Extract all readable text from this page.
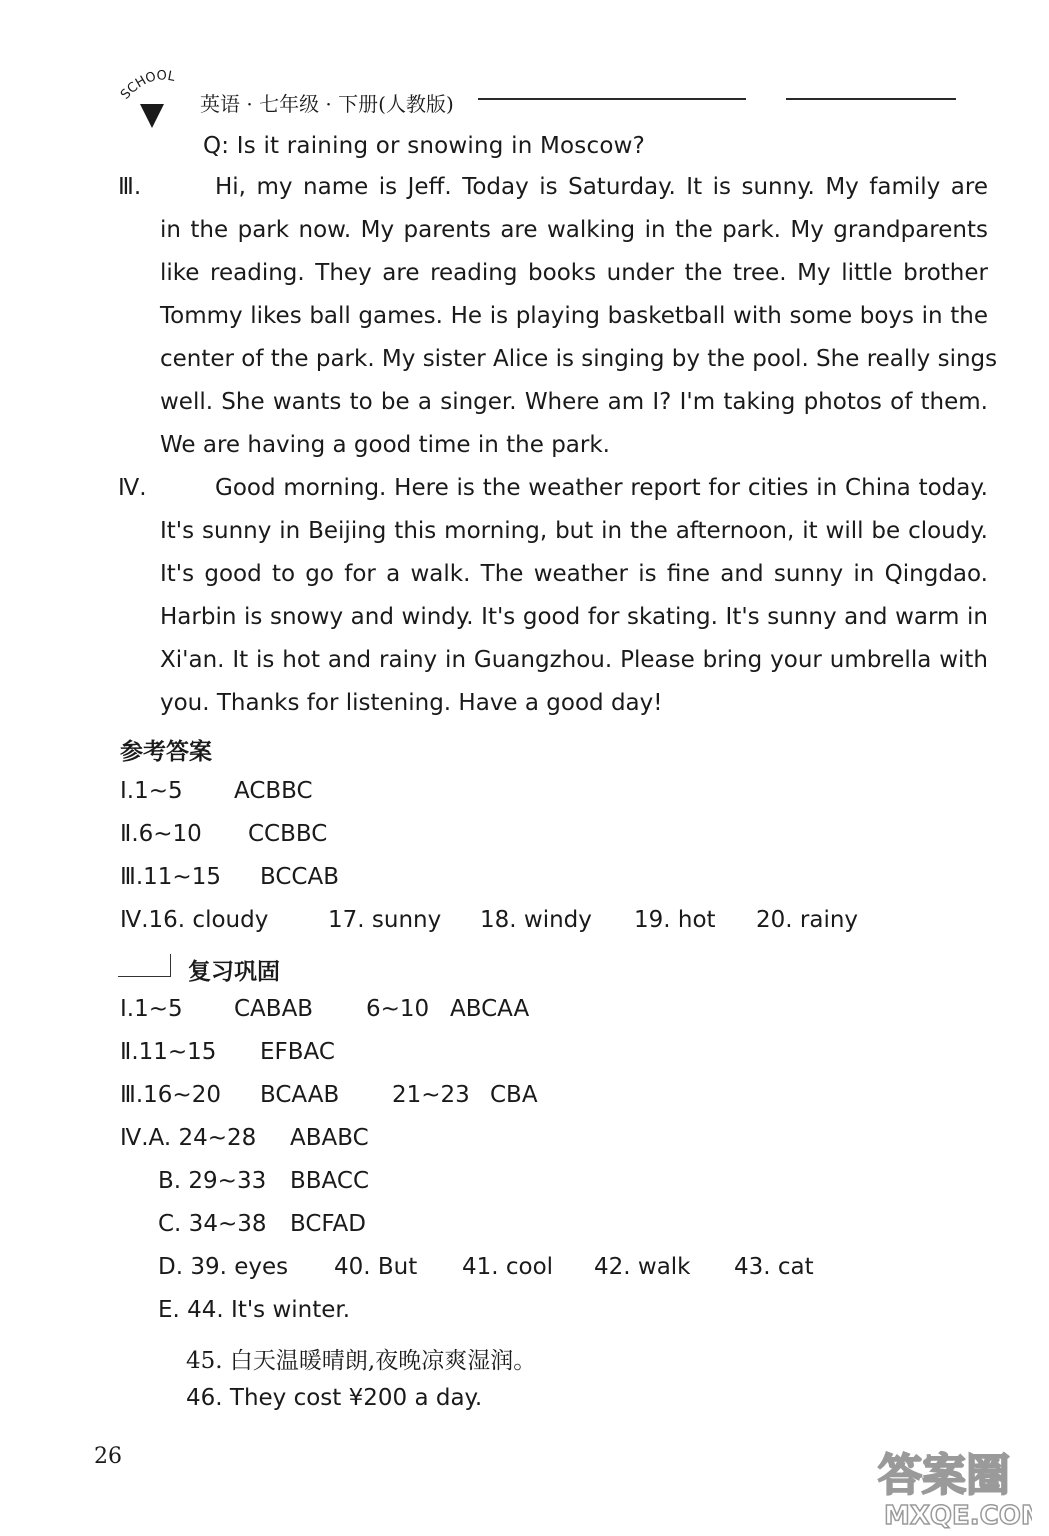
SCHOOL
英语 · 七年级 · 下册(人教版)
Q: Is it raining or snowing in Moscow?
Ⅲ.	Hi, my name is Jeff. Today is Saturday. It is sunny. My family are
in the park now. My parents are walking in the park. My grandparents
like reading. They are reading books under the tree. My little brother
Tommy likes ball games. He is playing basketball with some boys in the
center of the park. My sister Alice is singing by the pool. She really sings
well. She wants to be a singer. Where am I? I'm taking photos of them.
We are having a good time in the park.
Ⅳ.	Good morning. Here is the weather report for cities in China today.
It's sunny in Beijing this morning, but in the afternoon, it will be cloudy.
It's good to go for a walk. The weather is fine and sunny in Qingdao.
Harbin is snowy and windy. It's good for skating. It's sunny and warm in
Xi'an. It is hot and rainy in Guangzhou. Please bring your umbrella with
you. Thanks for listening. Have a good day!
参考答案
Ⅰ.1~5 ACBBC
Ⅱ.6~10 CCBBC
Ⅲ.11~15 BCCAB
Ⅳ.16. cloudy	17. sunny 18. windy 19. hot 20. rainy
复习巩固
Ⅰ.1~5 CABAB 6~10 ABCAA
Ⅱ.11~15 EFBAC
Ⅲ.16~20 BCAAB 21~23 CBA
Ⅳ.A. 24~28 ABABC
B. 29~33 BBACC
C. 34~38 BCFAD
D. 39. eyes 40. But 41. cool 42. walk 43. cat
E. 44. It's winter.
45. 白天温暖晴朗,夜晚凉爽湿润。
46. They cost ¥200 a day.
26	答案圈
MXQE.COM
